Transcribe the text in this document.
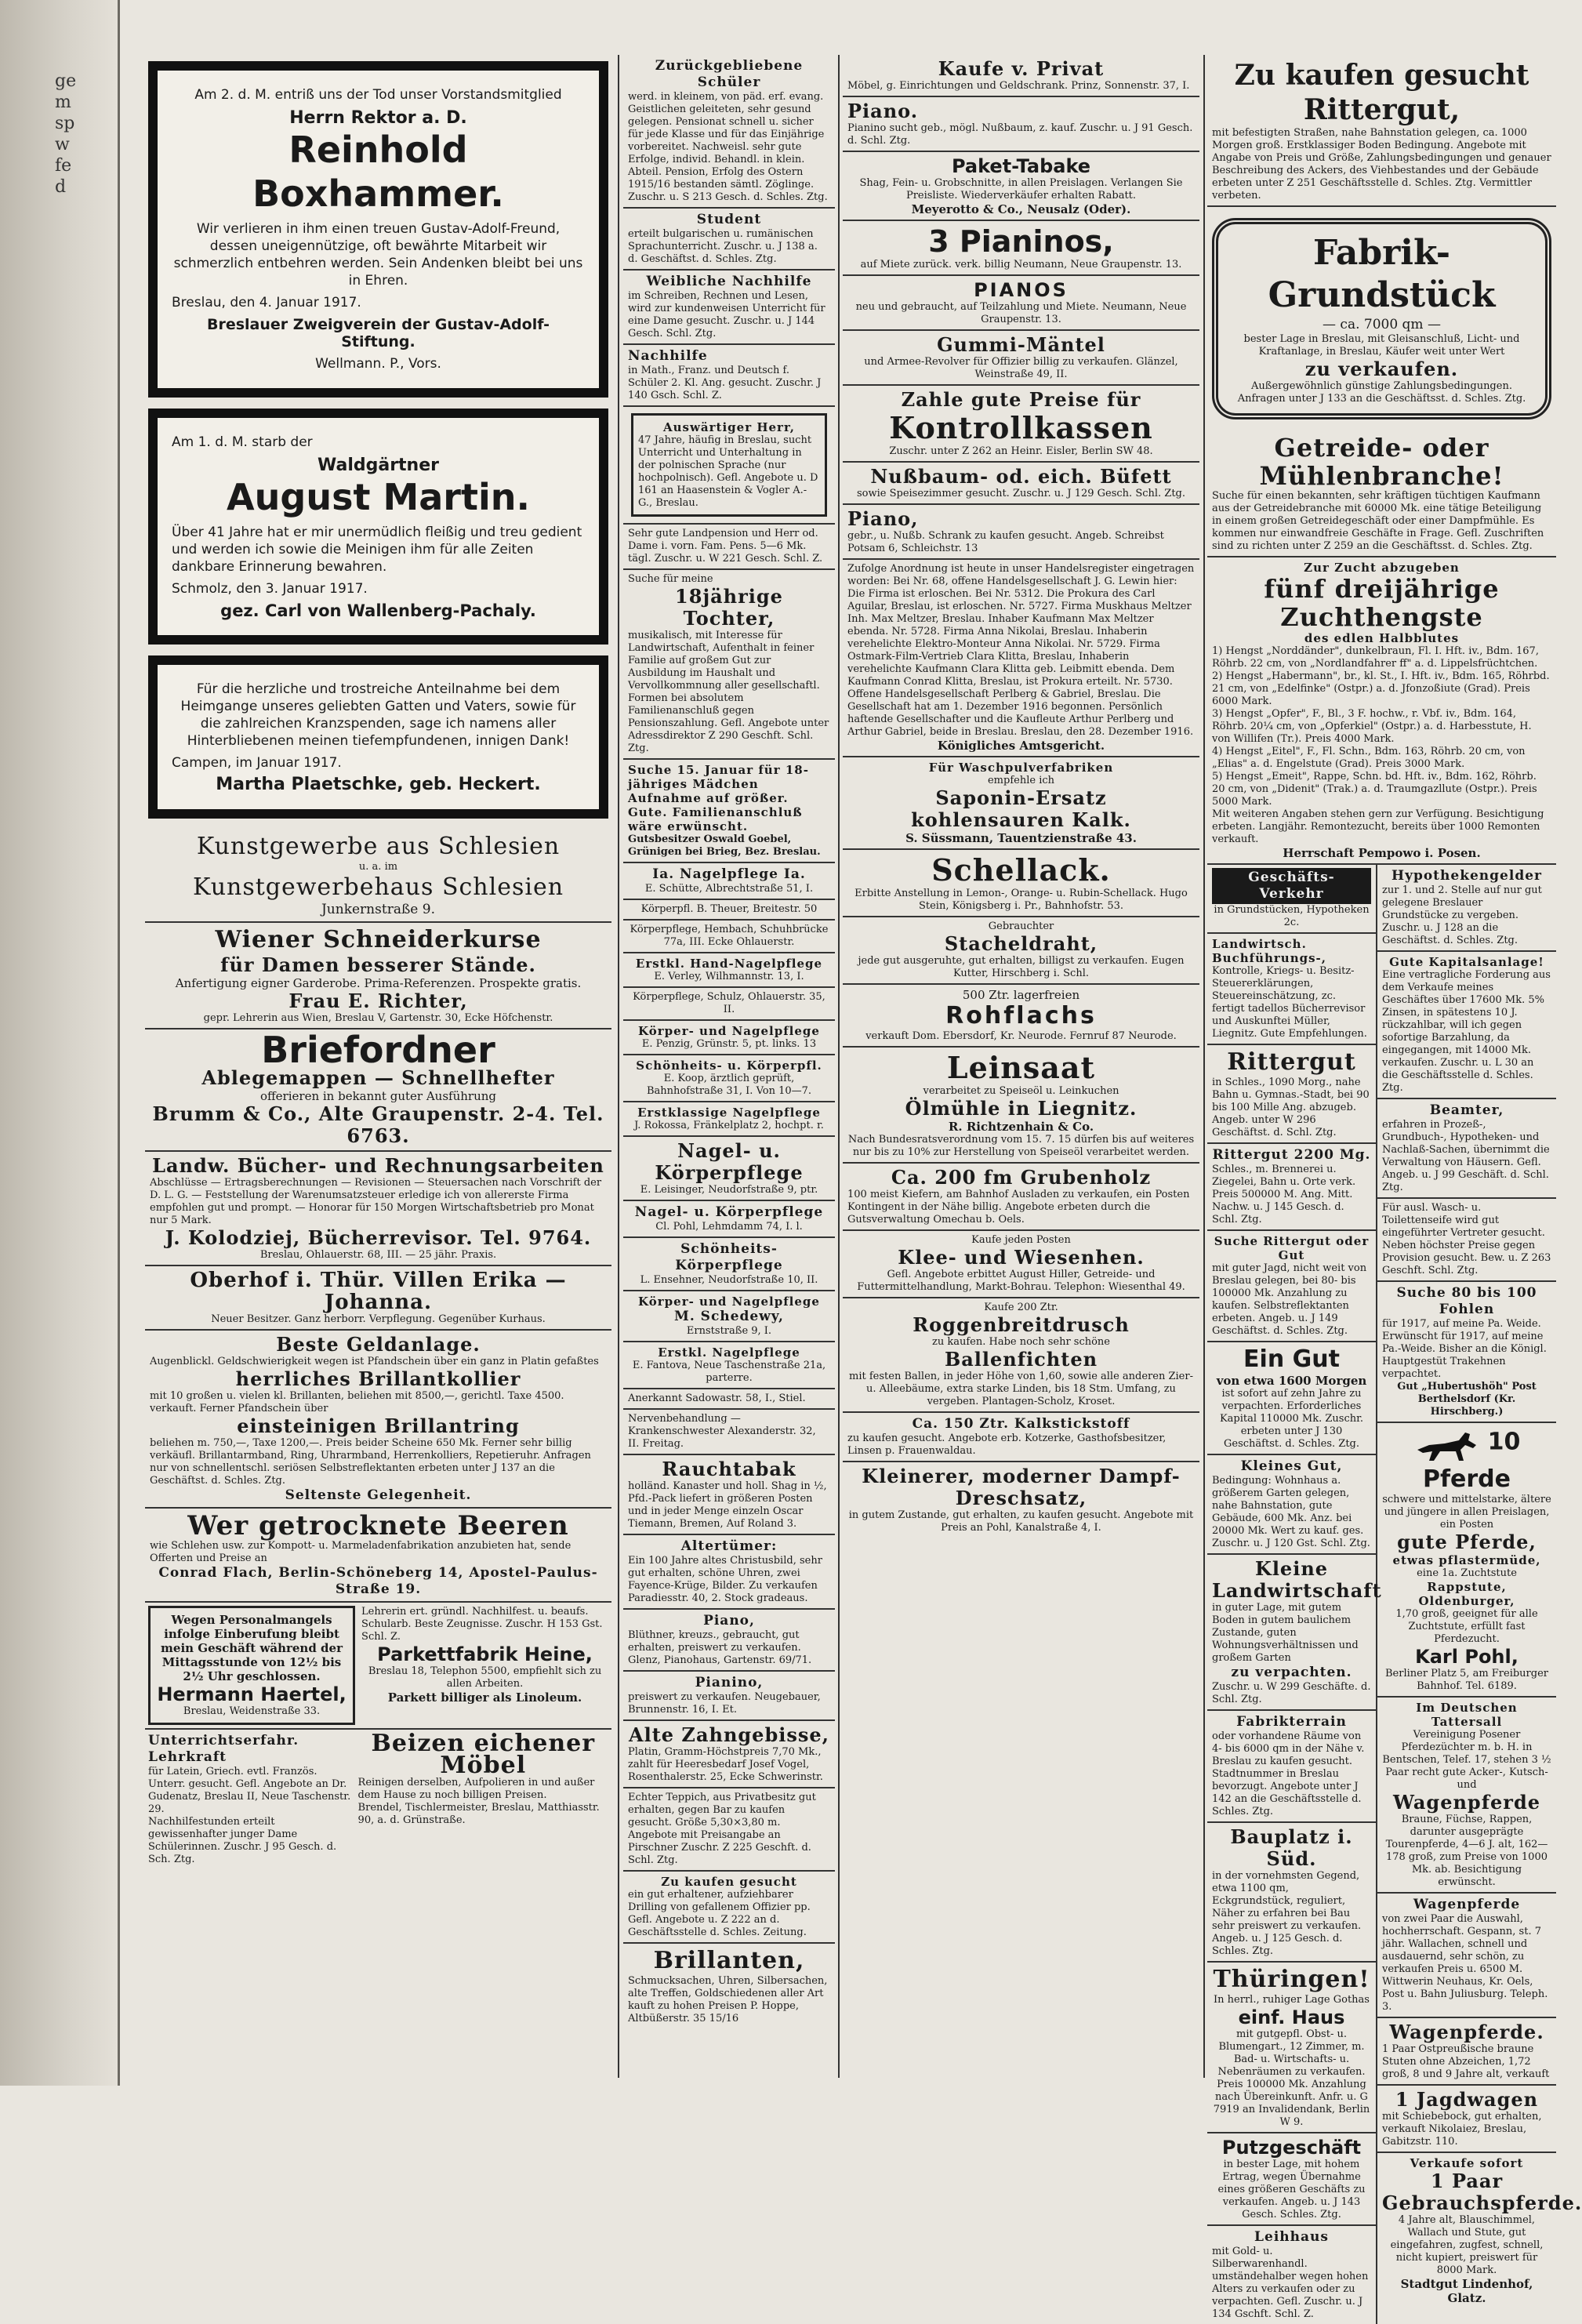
ge
m
sp
w
fe
d

Am 2. d. M. entriß uns der Tod unser Vorstandsmitglied

Herrn Rektor a. D.
Reinhold Boxhammer.

Wir verlieren in ihm einen treuen Gustav-Adolf-Freund, dessen uneigennützige, oft bewährte Mitarbeit wir schmerzlich entbehren werden. Sein Andenken bleibt bei uns in Ehren.

Breslau, den 4. Januar 1917.

Breslauer Zweigverein der Gustav-Adolf-Stiftung.

Wellmann. P., Vors.

Am 1. d. M. starb der

Waldgärtner
August Martin.

Über 41 Jahre hat er mir unermüdlich fleißig und treu gedient und werden ich sowie die Meinigen ihm für alle Zeiten dankbare Erinnerung bewahren.

Schmolz, den 3. Januar 1917.

gez. Carl von Wallenberg-Pachaly.

Für die herzliche und trostreiche Anteilnahme bei dem Heimgange unseres geliebten Gatten und Vaters, sowie für die zahlreichen Kranzspenden, sage ich namens aller Hinterbliebenen meinen tiefempfundenen, innigen Dank!

Campen, im Januar 1917.

Martha Plaetschke, geb. Heckert.

Kunstgewerbe aus Schlesien
u. a. im
Kunstgewerbehaus Schlesien
Junkernstraße 9.
Wiener Schneiderkurse
für Damen besserer Stände.
Anfertigung eigner Garderobe. Prima-Referenzen. Prospekte gratis.
Frau E. Richter,
gepr. Lehrerin aus Wien, Breslau V, Gartenstr. 30, Ecke Höfchenstr.
Briefordner
Ablegemappen — Schnellhefter
offerieren in bekannt guter Ausführung
Brumm & Co., Alte Graupenstr. 2-4. Tel. 6763.
Landw. Bücher- und Rechnungsarbeiten
Abschlüsse — Ertragsberechnungen — Revisionen — Steuersachen nach Vorschrift der D. L. G. — Feststellung der Warenumsatzsteuer erledige ich von allererste Firma empfohlen gut und prompt. — Honorar für 150 Morgen Wirtschaftsbetrieb pro Monat nur 5 Mark.
J. Kolodziej, Bücherrevisor. Tel. 9764.
Breslau, Ohlauerstr. 68, III. — 25 jähr. Praxis.
Oberhof i. Thür. Villen Erika — Johanna.
Neuer Besitzer. Ganz herborr. Verpflegung. Gegenüber Kurhaus.
Beste Geldanlage.
Augenblickl. Geldschwierigkeit wegen ist Pfandschein über ein ganz in Platin gefaßtes
herrliches Brillantkollier
mit 10 großen u. vielen kl. Brillanten, beliehen mit 8500,—, gerichtl. Taxe 4500. verkauft. Ferner Pfandschein über
einsteinigen Brillantring
beliehen m. 750,—, Taxe 1200,—. Preis beider Scheine 650 Mk. Ferner sehr billig verkäufl. Brillantarmband, Ring, Uhrarmband, Herrenkolliers, Repetieruhr. Anfragen nur von schnellentschl. seriösen Selbstreflektanten erbeten unter J 137 an die Geschäftst. d. Schles. Ztg.
Seltenste Gelegenheit.
Wer getrocknete Beeren
wie Schlehen usw. zur Kompott- u. Marmeladenfabrikation anzubieten hat, sende Offerten und Preise an
Conrad Flach, Berlin-Schöneberg 14, Apostel-Paulus-Straße 19.
Wegen Personalmangels infolge Einberufung bleibt mein Geschäft während der Mittagsstunde von 12½ bis 2½ Uhr geschlossen.
Hermann Haertel,
Breslau, Weidenstraße 33.
Lehrerin ert. gründl. Nachhilfest. u. beaufs. Schularb. Beste Zeugnisse. Zuschr. H 153 Gst. Schl. Z.
Parkettfabrik Heine,
Breslau 18, Telephon 5500, empfiehlt sich zu allen Arbeiten.
Parkett billiger als Linoleum.
Unterrichtserfahr. Lehrkraft
für Latein, Griech. evtl. Französ. Unterr. gesucht. Gefl. Angebote an Dr. Gudenatz, Breslau II, Neue Taschenstr. 29.
Nachhilfestunden erteilt gewissenhafter junger Dame Schülerinnen. Zuschr. J 95 Gesch. d. Sch. Ztg.
Beizen eichener Möbel
Reinigen derselben, Aufpolieren in und außer dem Hause zu noch billigen Preisen.
Brendel, Tischlermeister, Breslau, Matthiasstr. 90, a. d. Grünstraße.
Zurückgebliebene Schüler
werd. in kleinem, von päd. erf. evang. Geistlichen geleiteten, sehr gesund gelegen. Pensionat schnell u. sicher für jede Klasse und für das Einjährige vorbereitet. Nachweisl. sehr gute Erfolge, individ. Behandl. in klein. Abteil. Pension, Erfolg des Ostern 1915/16 bestanden sämtl. Zöglinge. Zuschr. u. S 213 Gesch. d. Schles. Ztg.
Student
erteilt bulgarischen u. rumänischen Sprachunterricht. Zuschr. u. J 138 a. d. Geschäftst. d. Schles. Ztg.
Weibliche Nachhilfe
im Schreiben, Rechnen und Lesen, wird zur kundenweisen Unterricht für eine Dame gesucht. Zuschr. u. J 144 Gesch. Schl. Ztg.
Nachhilfe
in Math., Franz. und Deutsch f. Schüler 2. Kl. Ang. gesucht. Zuschr. J 140 Gsch. Schl. Z.
Auswärtiger Herr,
47 Jahre, häufig in Breslau, sucht Unterricht und Unterhaltung in der polnischen Sprache (nur hochpolnisch). Gefl. Angebote u. D 161 an Haasenstein & Vogler A.-G., Breslau.
Sehr gute Landpension und Herr od. Dame i. vorn. Fam. Pens. 5—6 Mk. tägl. Zuschr. u. W 221 Gesch. Schl. Z.
Suche für meine
18jährige Tochter,
musikalisch, mit Interesse für Landwirtschaft, Aufenthalt in feiner Familie auf großem Gut zur Ausbildung im Haushalt und Vervollkommnung aller gesellschaftl. Formen bei absolutem Familienanschluß gegen Pensionszahlung. Gefl. Angebote unter Adressdirektor Z 290 Geschft. Schl. Ztg.
Suche 15. Januar für 18-jähriges Mädchen Aufnahme auf größer. Gute. Familienanschluß wäre erwünscht.
Gutsbesitzer Oswald Goebel, Grünigen bei Brieg, Bez. Breslau.
Ia. Nagelpflege Ia.
E. Schütte, Albrechtstraße 51, I.
Körperpfl. B. Theuer, Breitestr. 50
Körperpflege, Hembach, Schuhbrücke 77a, III. Ecke Ohlauerstr.
Erstkl. Hand-Nagelpflege
E. Verley, Wilhmannstr. 13, I.
Körperpflege, Schulz, Ohlauerstr. 35, II.
Körper- und Nagelpflege
E. Penzig, Grünstr. 5, pt. links. 13
Schönheits- u. Körperpfl.
E. Koop, ärztlich geprüft, Bahnhofstraße 31, I. Von 10—7.
Erstklassige Nagelpflege
J. Rokossa, Fränkelplatz 2, hochpt. r.
Nagel- u. Körperpflege
E. Leisinger, Neudorfstraße 9, ptr.
Nagel- u. Körperpflege
Cl. Pohl, Lehmdamm 74, I. l.
Schönheits- Körperpflege
L. Ensehner, Neudorfstraße 10, II.
Körper- und Nagelpflege
M. Schedewy,
Ernststraße 9, I.
Erstkl. Nagelpflege
E. Fantova, Neue Taschenstraße 21a, parterre.
Anerkannt Sadowastr. 58, I., Stiel.
Nervenbehandlung — Krankenschwester Alexanderstr. 32, II. Freitag.
Rauchtabak
holländ. Kanaster und holl. Shag in ½, Pfd.-Pack liefert in größeren Posten und in jeder Menge einzeln Oscar Tiemann, Bremen, Auf Roland 3.
Altertümer:
Ein 100 Jahre altes Christusbild, sehr gut erhalten, schöne Uhren, zwei Fayence-Krüge, Bilder. Zu verkaufen Paradiesstr. 40, 2. Stock gradeaus.
Piano,
Blüthner, kreuzs., gebraucht, gut erhalten, preiswert zu verkaufen. Glenz, Pianohaus, Gartenstr. 69/71.
Pianino,
preiswert zu verkaufen. Neugebauer, Brunnenstr. 16, I. Et.
Alte Zahngebisse,
Platin, Gramm-Höchstpreis 7,70 Mk., zahlt für Heeresbedarf Josef Vogel, Rosenthalerstr. 25, Ecke Schwerinstr.
Echter Teppich, aus Privatbesitz gut erhalten, gegen Bar zu kaufen gesucht. Größe 5,30×3,80 m. Angebote mit Preisangabe an Pirschner Zuschr. Z 225 Geschft. d. Schl. Ztg.
Zu kaufen gesucht
ein gut erhaltener, aufziehbarer Drilling von gefallenem Offizier pp. Gefl. Angebote u. Z 222 an d. Geschäftsstelle d. Schles. Zeitung.
Brillanten,
Schmucksachen, Uhren, Silbersachen, alte Treffen, Goldschiedenen aller Art kauft zu hohen Preisen P. Hoppe, Altbüßerstr. 35 15/16
Kaufe v. Privat
Möbel, g. Einrichtungen und Geldschrank. Prinz, Sonnenstr. 37, I.
Piano.
Pianino sucht geb., mögl. Nußbaum, z. kauf. Zuschr. u. J 91 Gesch. d. Schl. Ztg.
Paket-Tabake
Shag, Fein- u. Grobschnitte, in allen Preislagen. Verlangen Sie Preisliste. Wiederverkäufer erhalten Rabatt.
Meyerotto & Co., Neusalz (Oder).
3 Pianinos,
auf Miete zurück. verk. billig Neumann, Neue Graupenstr. 13.
PIANOS
neu und gebraucht, auf Teilzahlung und Miete. Neumann, Neue Graupenstr. 13.
Gummi-Mäntel
und Armee-Revolver für Offizier billig zu verkaufen. Glänzel, Weinstraße 49, II.
Zahle gute Preise für
Kontrollkassen
Zuschr. unter Z 262 an Heinr. Eisler, Berlin SW 48.
Nußbaum- od. eich. Büfett
sowie Speisezimmer gesucht. Zuschr. u. J 129 Gesch. Schl. Ztg.
Piano,
gebr., u. Nußb. Schrank zu kaufen gesucht. Angeb. Schreibst Potsam 6, Schleichstr. 13
Zufolge Anordnung ist heute in unser Handelsregister eingetragen worden: Bei Nr. 68, offene Handelsgesellschaft J. G. Lewin hier: Die Firma ist erloschen. Bei Nr. 5312. Die Prokura des Carl Aguilar, Breslau, ist erloschen. Nr. 5727. Firma Muskhaus Meltzer Inh. Max Meltzer, Breslau. Inhaber Kaufmann Max Meltzer ebenda. Nr. 5728. Firma Anna Nikolai, Breslau. Inhaberin verehelichte Elektro-Monteur Anna Nikolai. Nr. 5729. Firma Ostmark-Film-Vertrieb Clara Klitta, Breslau, Inhaberin verehelichte Kaufmann Clara Klitta geb. Leibmitt ebenda. Dem Kaufmann Conrad Klitta, Breslau, ist Prokura erteilt. Nr. 5730. Offene Handelsgesellschaft Perlberg & Gabriel, Breslau. Die Gesellschaft hat am 1. Dezember 1916 begonnen. Persönlich haftende Gesellschafter und die Kaufleute Arthur Perlberg und Arthur Gabriel, beide in Breslau. Breslau, den 28. Dezember 1916.
Königliches Amtsgericht.
Für Waschpulverfabriken
empfehle ich
Saponin-Ersatz
kohlensauren Kalk.
S. Süssmann, Tauentzienstraße 43.
Schellack.
Erbitte Anstellung in Lemon-, Orange- u. Rubin-Schellack. Hugo Stein, Königsberg i. Pr., Bahnhofstr. 53.
Gebrauchter
Stacheldraht,
jede gut ausgeruhte, gut erhalten, billigst zu verkaufen. Eugen Kutter, Hirschberg i. Schl.
500 Ztr. lagerfreien
Rohflachs
verkauft Dom. Ebersdorf, Kr. Neurode. Fernruf 87 Neurode.
Leinsaat
verarbeitet zu Speiseöl u. Leinkuchen
Ölmühle in Liegnitz.
R. Richtzenhain & Co.
Nach Bundesratsverordnung vom 15. 7. 15 dürfen bis auf weiteres nur bis zu 10% zur Herstellung von Speiseöl verarbeitet werden.
Ca. 200 fm Grubenholz
100 meist Kiefern, am Bahnhof Ausladen zu verkaufen, ein Posten Kontingent in der Nähe billig. Angebote erbeten durch die Gutsverwaltung Omechau b. Oels.
Kaufe jeden Posten
Klee- und Wiesenhen.
Gefl. Angebote erbittet August Hiller, Getreide- und Futtermittelhandlung, Markt-Bohrau. Telephon: Wiesenthal 49.
Kaufe 200 Ztr.
Roggenbreitdrusch
zu kaufen. Habe noch sehr schöne
Ballenfichten
mit festen Ballen, in jeder Höhe von 1,60, sowie alle anderen Zier- u. Alleebäume, extra starke Linden, bis 18 Stm. Umfang, zu vergeben. Plantagen-Scholz, Kroset.
Ca. 150 Ztr. Kalkstickstoff
zu kaufen gesucht. Angebote erb. Kotzerke, Gasthofsbesitzer, Linsen p. Frauenwaldau.
Kleinerer, moderner Dampf-Dreschsatz,
in gutem Zustande, gut erhalten, zu kaufen gesucht. Angebote mit Preis an Pohl, Kanalstraße 4, I.
Zu kaufen gesucht Rittergut,
mit befestigten Straßen, nahe Bahnstation gelegen, ca. 1000 Morgen groß. Erstklassiger Boden Bedingung. Angebote mit Angabe von Preis und Größe, Zahlungsbedingungen und genauer Beschreibung des Ackers, des Viehbestandes und der Gebäude erbeten unter Z 251 Geschäftsstelle d. Schles. Ztg. Vermittler verbeten.
Fabrik-Grundstück
— ca. 7000 qm —
bester Lage in Breslau, mit Gleisanschluß, Licht- und Kraftanlage, in Breslau, Käufer weit unter Wert
zu verkaufen.
Außergewöhnlich günstige Zahlungsbedingungen. Anfragen unter J 133 an die Geschäftsst. d. Schles. Ztg.
Getreide- oder Mühlenbranche!
Suche für einen bekannten, sehr kräftigen tüchtigen Kaufmann aus der Getreidebranche mit 60000 Mk. eine tätige Beteiligung in einem großen Getreidegeschäft oder einer Dampfmühle. Es kommen nur einwandfreie Geschäfte in Frage. Gefl. Zuschriften sind zu richten unter Z 259 an die Geschäftsst. d. Schles. Ztg.
Zur Zucht abzugeben
fünf dreijährige Zuchthengste
des edlen Halbblutes
1) Hengst „Norddänder", dunkelbraun, Fl. I. Hft. iv., Bdm. 167, Röhrb. 22 cm, von „Nordlandfahrer ff" a. d. Lippelsfrüchtchen.
2) Hengst „Habermann", br., kl. St., I. Hft. iv., Bdm. 165, Röhrbd. 21 cm, von „Edelfinke" (Ostpr.) a. d. Jfonzoßiute (Grad). Preis 6000 Mark.
3) Hengst „Opfer", F., Bl., 3 F. hochw., r. Vbf. iv., Bdm. 164, Röhrb. 20¼ cm, von „Opferkiel" (Ostpr.) a. d. Harbesstute, H. von Willifen (Tr.). Preis 4000 Mark.
4) Hengst „Eitel", F., Fl. Schn., Bdm. 163, Röhrb. 20 cm, von „Elias" a. d. Engelstute (Grad). Preis 3000 Mark.
5) Hengst „Emeit", Rappe, Schn. bd. Hft. iv., Bdm. 162, Röhrb. 20 cm, von „Didenit" (Trak.) a. d. Traumgazllute (Ostpr.). Preis 5000 Mark.
Mit weiteren Angaben stehen gern zur Verfügung. Besichtigung erbeten. Langjähr. Remontezucht, bereits über 1000 Remonten verkauft.
Herrschaft Pempowo i. Posen.
Geschäfts-Verkehr
in Grundstücken, Hypotheken 2c.
Landwirtsch. Buchführungs-,
Kontrolle, Kriegs- u. Besitz-Steuererklärungen, Steuereinschätzung, zc. fertigt tadellos Bücherrevisor und Auskunftei Müller, Liegnitz. Gute Empfehlungen.
Rittergut
in Schles., 1090 Morg., nahe Bahn u. Gymnas.-Stadt, bei 90 bis 100 Mille Ang. abzugeb. Angeb. unter W 296 Geschäftst. d. Schl. Ztg.
Rittergut 2200 Mg.
Schles., m. Brennerei u. Ziegelei, Bahn u. Orte verk. Preis 500000 M. Ang. Mitt. Nachw. u. J 145 Gesch. d. Schl. Ztg.
Suche Rittergut oder Gut
mit guter Jagd, nicht weit von Breslau gelegen, bei 80- bis 100000 Mk. Anzahlung zu kaufen. Selbstreflektanten erbeten. Angeb. u. J 149 Geschäftst. d. Schles. Ztg.
Ein Gut
von etwa 1600 Morgen
ist sofort auf zehn Jahre zu verpachten. Erforderliches Kapital 110000 Mk. Zuschr. erbeten unter J 130 Geschäftst. d. Schles. Ztg.
Kleines Gut,
Bedingung: Wohnhaus a. größerem Garten gelegen, nahe Bahnstation, gute Gebäude, 600 Mk. Anz. bei 20000 Mk. Wert zu kauf. ges. Zuschr. u. J 120 Gst. Schl. Ztg.
Kleine Landwirtschaft
in guter Lage, mit gutem Boden in gutem baulichem Zustande, guten Wohnungsverhältnissen und großem Garten
zu verpachten.
Zuschr. u. W 299 Geschäfte. d. Schl. Ztg.
Fabrikterrain
oder vorhandene Räume von 4- bis 6000 qm in der Nähe v. Breslau zu kaufen gesucht. Stadtnummer in Breslau bevorzugt. Angebote unter J 142 an die Geschäftsstelle d. Schles. Ztg.
Bauplatz i. Süd.
in der vornehmsten Gegend, etwa 1100 qm, Eckgrundstück, reguliert, Näher zu erfahren bei Bau sehr preiswert zu verkaufen. Angeb. u. J 125 Gesch. d. Schles. Ztg.
Thüringen!
In herrl., ruhiger Lage Gothas
einf. Haus
mit gutgepfl. Obst- u. Blumengart., 12 Zimmer, m. Bad- u. Wirtschafts- u. Nebenräumen zu verkaufen. Preis 100000 Mk. Anzahlung nach Übereinkunft. Anfr. u. G 7919 an Invalidendank, Berlin W 9.
Putzgeschäft
in bester Lage, mit hohem Ertrag, wegen Übernahme eines größeren Geschäfts zu verkaufen. Angeb. u. J 143 Gesch. Schles. Ztg.
Leihhaus
mit Gold- u. Silberwarenhandl. umständehalber wegen hohen Alters zu verkaufen oder zu verpachten. Gefl. Zuschr. u. J 134 Gschft. Schl. Z.
Hypothekengelder
zur 1. und 2. Stelle auf nur gut gelegene Breslauer Grundstücke zu vergeben. Zuschr. u. J 128 an die Geschäftst. d. Schles. Ztg.
Gute Kapitalsanlage!
Eine vertragliche Forderung aus dem Verkaufe meines Geschäftes über 17600 Mk. 5% Zinsen, in spätestens 10 J. rückzahlbar, will ich gegen sofortige Barzahlung, da eingegangen, mit 14000 Mk. verkaufen. Zuschr. u. L 30 an die Geschäftsstelle d. Schles. Ztg.
Beamter,
erfahren in Prozeß-, Grundbuch-, Hypotheken- und Nachlaß-Sachen, übernimmt die Verwaltung von Häusern. Gefl. Angeb. u. J 99 Geschäft. d. Schl. Ztg.
Für ausl. Wasch- u. Toilettenseife wird gut eingeführter Vertreter gesucht. Neben höchster Preise gegen Provision gesucht. Bew. u. Z 263 Geschft. Schl. Ztg.
Suche 80 bis 100 Fohlen
für 1917, auf meine Pa. Weide. Erwünscht für 1917, auf meine Pa.-Weide. Bisher an die Königl. Hauptgestüt Trakehnen verpachtet.
Gut „Hubertushöh" Post Berthelsdorf (Kr. Hirschberg.)
10
Pferde
schwere und mittelstarke, ältere und jüngere in allen Preislagen, ein Posten
gute Pferde,
etwas pflastermüde,
eine 1a. Zuchtstute
Rappstute, Oldenburger,
1,70 groß, geeignet für alle Zuchtstute, erfüllt fast Pferdezucht.
Karl Pohl,
Berliner Platz 5, am Freiburger Bahnhof. Tel. 6189.
Im Deutschen Tattersall
Vereinigung Posener Pferdezüchter m. b. H. in Bentschen, Telef. 17, stehen 3 ½ Paar recht gute Acker-, Kutsch- und
Wagenpferde
Braune, Füchse, Rappen, darunter ausgeprägte Tourenpferde, 4—6 J. alt, 162—178 groß, zum Preise von 1000 Mk. ab. Besichtigung erwünscht.
Wagenpferde
von zwei Paar die Auswahl, hochherrschaft. Gespann, st. 7 jähr. Wallachen, schnell und ausdauernd, sehr schön, zu verkaufen Preis u. 6500 M. Wittwerin Neuhaus, Kr. Oels, Post u. Bahn Juliusburg. Teleph. 3.
Wagenpferde.
1 Paar Ostpreußische braune Stuten ohne Abzeichen, 1,72 groß, 8 und 9 Jahre alt, verkauft
1 Jagdwagen
mit Schiebebock, gut erhalten, verkauft Nikolaiez, Breslau, Gabitzstr. 110.
Verkaufe sofort
1 Paar Gebrauchspferde.
4 Jahre alt, Blauschimmel, Wallach und Stute, gut eingefahren, zugfest, schnell, nicht kupiert, preiswert für 8000 Mark.
Stadtgut Lindenhof, Glatz.
